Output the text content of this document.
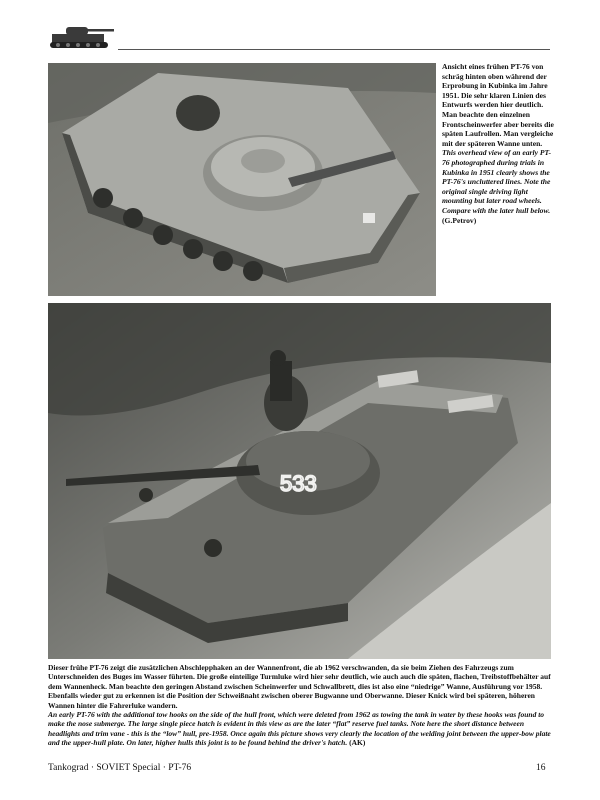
Ansicht eines frühen PT-76 von schräg hinten oben während der Erprobung in Kubinka im Jahre 1951. Die sehr klaren Linien des Entwurfs werden hier deutlich. Man beachte den einzelnen Frontscheinwerfer aber bereits die späten Laufrollen. Man vergleiche mit der späteren Wanne unten.
This overhead view of an early PT-76 photographed during trials in Kubinka in 1951 clearly shows the PT-76's uncluttered lines. Note the original single driving light mounting but later road wheels. Compare with the later hull below.
(G.Petrov)
533
Dieser frühe PT-76 zeigt die zusätzlichen Abschlepphaken an der Wannenfront, die ab 1962 verschwanden, da sie beim Ziehen des Fahrzeugs zum Unterschneiden des Buges im Wasser führten. Die große einteilige Turmluke wird hier sehr deutlich, wie auch auch die späten, flachen, Treibstoffbehälter auf dem Wannenheck. Man beachte den geringen Abstand zwischen Scheinwerfer und Schwallbrett, dies ist also eine “niedrige” Wanne, Ausführung vor 1958. Ebenfalls wieder gut zu erkennen ist die Position der Schweißnaht zwischen oberer Bugwanne und Oberwanne. Dieser Knick wird bei späteren, höheren Wannen hinter die Fahrerluke wandern.
An early PT-76 with the additional tow hooks on the side of the hull front, which were deleted from 1962 as towing the tank in water by these hooks was found to make the nose submerge. The large single piece hatch is evident in this view as are the later “flat” reserve fuel tanks. Note here the short distance between headlights and trim vane - this is the “low” hull, pre-1958. Once again this picture shows very clearly the location of the welding joint between the upper-bow plate and the upper-hull plate. On later, higher hulls this joint is to be found behind the driver's hatch. (AK)
Tankograd · SOVIET Special · PT-76	16
